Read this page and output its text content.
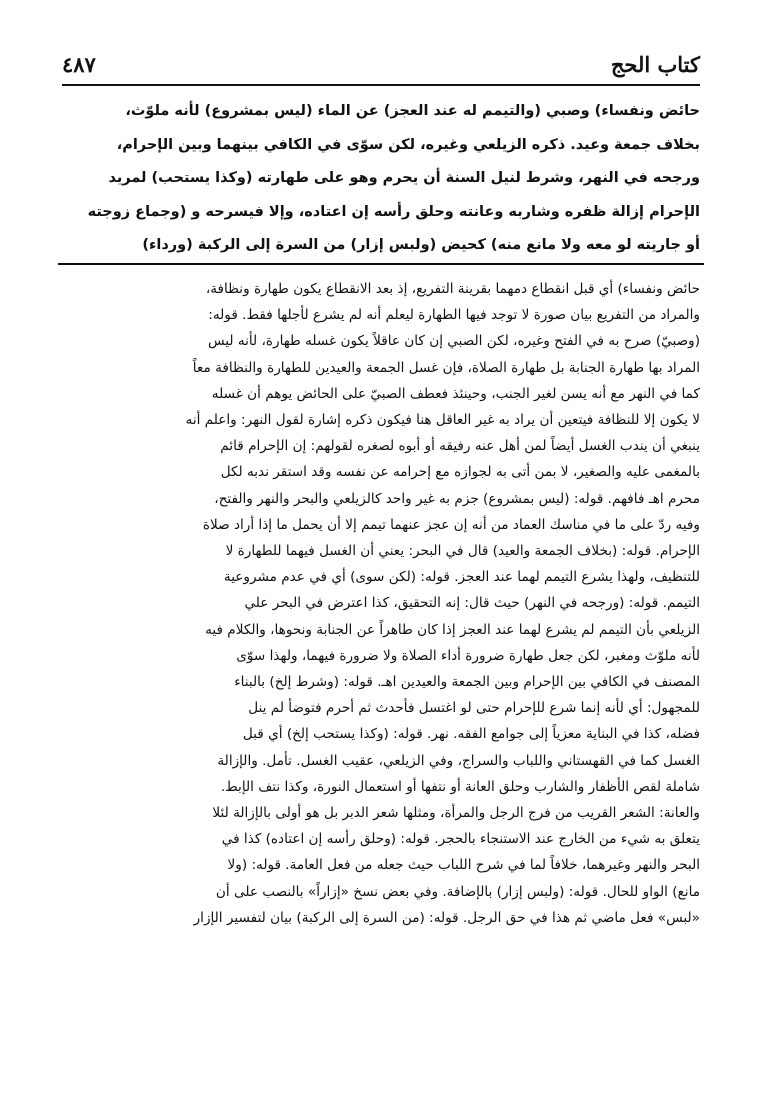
٤٨٧	كتاب الحج

حائض ونفساء) وصبي (والتيمم له عند العجز) عن الماء (ليس بمشروع) لأنه ملوّث،

بخلاف جمعة وعيد. ذكره الزيلعي وغيره، لكن سوّى في الكافي بينهما وبين الإحرام،

ورجحه في النهر، وشرط لنيل السنة أن يحرم وهو على طهارته (وكذا يستحب) لمريد

الإحرام إزالة ظفره وشاربه وعانته وحلق رأسه إن اعتاده، وإلا فيسرحه و (وجماع زوجته

أو جاريته لو معه ولا مانع منه) كحيض (ولبس إزار) من السرة إلى الركبة (ورداء)

حائض ونفساء) أي قبل انقطاع دمهما بقرينة التفريع، إذ بعد الانقطاع يكون طهارة ونظافة،

والمراد من التفريع بيان صورة لا توجد فيها الطهارة ليعلم أنه لم يشرع لأجلها فقط. قوله:

(وصبيّ) صرح به في الفتح وغيره، لكن الصبي إن كان عاقلاً يكون غسله طهارة، لأنه ليس

المراد بها طهارة الجنابة بل طهارة الصلاة، فإن غسل الجمعة والعيدين للطهارة والنظافة معاً

كما في النهر مع أنه يسن لغير الجنب، وحينئذ فعطف الصبيّ على الحائض يوهم أن غسله

لا يكون إلا للنظافة فيتعين أن يراد به غير العاقل هنا فيكون ذكره إشارة لقول النهر: واعلم أنه

ينبغي أن يندب الغسل أيضاً لمن أهل عنه رفيقه أو أبوه لصغره لقولهم: إن الإحرام قائم

بالمغمى عليه والصغير، لا بمن أتى به لجوازه مع إحرامه عن نفسه وقد استقر ندبه لكل

محرم اهـ فافهم. قوله: (ليس بمشروع) جزم به غير واحد كالزيلعي والبحر والنهر والفتح،

وفيه ردّ على ما في مناسك العماد من أنه إن عجز عنهما تيمم إلا أن يحمل ما إذا أراد صلاة

الإحرام. قوله: (بخلاف الجمعة والعيد) قال في البحر: يعني أن الغسل فيهما للطهارة لا

للتنظيف، ولهذا يشرع التيمم لهما عند العجز. قوله: (لكن سوى) أي في عدم مشروعية

التيمم. قوله: (ورجحه في النهر) حيث قال: إنه التحقيق، كذا اعترض في البحر علي

الزيلعي بأن التيمم لم يشرع لهما عند العجز إذا كان طاهراً عن الجنابة ونحوها، والكلام فيه

لأنه ملوّث ومغبر، لكن جعل طهارة ضرورة أداء الصلاة ولا ضرورة فيهما، ولهذا سوّى

المصنف في الكافي بين الإحرام وبين الجمعة والعيدين اهـ. قوله: (وشرط إلخ) بالبناء

للمجهول: أي لأنه إنما شرع للإحرام حتى لو اغتسل فأحدث ثم أحرم فتوضأ لم ينل

فضله، كذا في البناية معزياً إلى جوامع الفقه. نهر. قوله: (وكذا يستحب إلخ) أي قبل

الغسل كما في القهستاني واللباب والسراج، وفي الزيلعي، عقيب الغسل. تأمل. والإزالة

شاملة لقص الأظفار والشارب وحلق العانة أو نتفها أو استعمال النورة، وكذا نتف الإبط.

والعانة: الشعر القريب من فرج الرجل والمرأة، ومثلها شعر الدبر بل هو أولى بالإزالة لئلا

يتعلق به شيء من الخارج عند الاستنجاء بالحجر. قوله: (وحلق رأسه إن اعتاده) كذا في

البحر والنهر وغيرهما، خلافاً لما في شرح اللباب حيث جعله من فعل العامة. قوله: (ولا

مانع) الواو للحال. قوله: (ولبس إزار) بالإضافة. وفي بعض نسخ «إزاراً» بالنصب على أن

«لبس» فعل ماضي ثم هذا في حق الرجل. قوله: (من السرة إلى الركبة) بيان لتفسير الإزار
